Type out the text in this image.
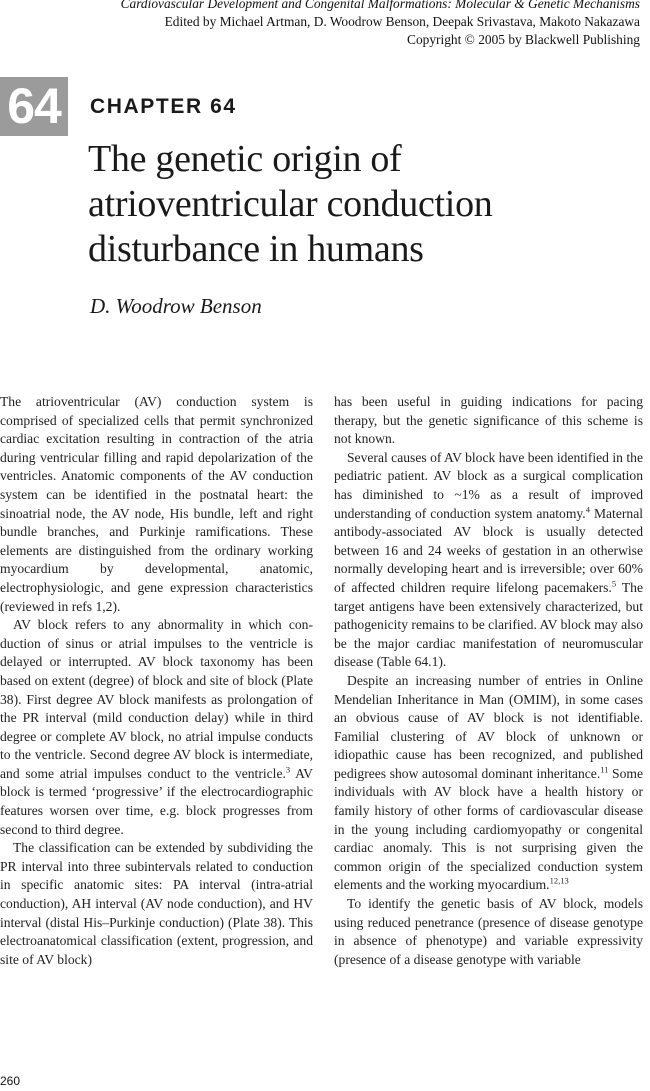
Cardiovascular Development and Congenital Malformations: Molecular & Genetic Mechanisms
Edited by Michael Artman, D. Woodrow Benson, Deepak Srivastava, Makoto Nakazawa
Copyright © 2005 by Blackwell Publishing
64	CHAPTER 64
The genetic origin of
atrioventricular conduction
disturbance in humans
D. Woodrow Benson

The atrioventricular (AV) conduction system is comprised of specialized cells that permit synchronized cardiac excitation resulting in contraction of the atria during ventricular filling and rapid depolarization of the ventricles. Anatomic components of the AV conduction system can be identified in the postnatal heart: the sinoatrial node, the AV node, His bundle, left and right bundle branches, and Purkinje ramifications. These elements are distinguished from the ordinary working myocardium by developmental, anatomic, electrophysiologic, and gene expression characteristics (reviewed in refs 1,2).

AV block refers to any abnormality in which conduction of sinus or atrial impulses to the ventricle is delayed or interrupted. AV block taxonomy has been based on extent (degree) of block and site of block (Plate 38). First degree AV block manifests as prolongation of the PR interval (mild conduction delay) while in third degree or complete AV block, no atrial impulse conducts to the ventricle. Second degree AV block is intermediate, and some atrial impulses conduct to the ventricle.$^3$ AV block is termed ‘progressive’ if the electrocardiographic features worsen over time, e.g. block progresses from second to third degree.

The classification can be extended by subdividing the PR interval into three subintervals related to conduction in specific anatomic sites: PA interval (intra-atrial conduction), AH interval (AV node conduction), and HV interval (distal His–Purkinje conduction) (Plate 38). This electroanatomical classification (extent, progression, and site of AV block)

has been useful in guiding indications for pacing therapy, but the genetic significance of this scheme is not known.

Several causes of AV block have been identified in the pediatric patient. AV block as a surgical complication has diminished to ~1% as a result of improved understanding of conduction system anatomy.$^4$ Maternal antibody-associated AV block is usually detected between 16 and 24 weeks of gestation in an otherwise normally developing heart and is irreversible; over 60% of affected children require lifelong pacemakers.$^5$ The target antigens have been extensively characterized, but pathogenicity remains to be clarified. AV block may also be the major cardiac manifestation of neuromuscular disease (Table 64.1).

Despite an increasing number of entries in Online Mendelian Inheritance in Man (OMIM), in some cases an obvious cause of AV block is not identifiable. Familial clustering of AV block of unknown or idiopathic cause has been recognized, and published pedigrees show autosomal dominant inheritance.$^{11}$ Some individuals with AV block have a health history or family history of other forms of cardiovascular disease in the young including cardiomyopathy or congenital cardiac anomaly. This is not surprising given the common origin of the specialized conduction system elements and the working myocardium.$^{12,13}$

To identify the genetic basis of AV block, models using reduced penetrance (presence of disease genotype in absence of phenotype) and variable expressivity (presence of a disease genotype with variable

260
